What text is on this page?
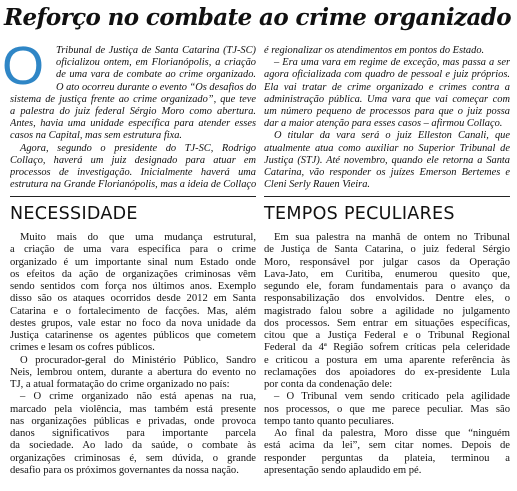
Reforço no combate ao crime organizado
O Tribunal de Justiça de Santa Catarina (TJ-SC)
oficializou ontem, em Florianópolis, a criação
de uma vara de combate ao crime organizado.
O ato ocorreu durante o evento “Os desafios do
sistema de justiça frente ao crime organizado”, que teve
a palestra do juiz federal Sérgio Moro como abertura.
Antes, havia uma unidade específica para atender esses
casos na Capital, mas sem estrutura fixa.
Agora, segundo o presidente do TJ-SC, Rodrigo
Collaço, haverá um juiz designado para atuar em
processos de investigação. Inicialmente haverá uma
estrutura na Grande Florianópolis, mas a ideia de Collaço
é regionalizar os atendimentos em pontos do Estado.
– Era uma vara em regime de exceção, mas passa a ser
agora oficializada com quadro de pessoal e juiz próprios.
Ela vai tratar de crime organizado e crimes contra a
administração pública. Uma vara que vai começar com
um número pequeno de processos para que o juiz possa
dar a maior atenção para esses casos – afirmou Collaço.
O titular da vara será o juiz Elleston Canali, que
atualmente atua como auxiliar no Superior Tribunal de
Justiça (STJ). Até novembro, quando ele retorna a Santa
Catarina, vão responder os juízes Emerson Bertemes e
Cleni Serly Rauen Vieira.
NECESSIDADE	TEMPOS PECULIARES
Muito mais do que uma mudança estrutural,
a criação de uma vara específica para o crime
organizado é um importante sinal num Estado onde
os efeitos da ação de organizações criminosas vêm
sendo sentidos com força nos últimos anos. Exemplo
disso são os ataques ocorridos desde 2012 em Santa
Catarina e o fortalecimento de facções. Mas, além
destes grupos, vale estar no foco da nova unidade da
Justiça catarinense os agentes públicos que cometem
crimes e lesam os cofres públicos.
O procurador-geral do Ministério Público, Sandro
Neis, lembrou ontem, durante a abertura do evento no
TJ, a atual formatação do crime organizado no país:
– O crime organizado não está apenas na rua,
marcado pela violência, mas também está presente
nas organizações públicas e privadas, onde provoca
danos significativos para importante parcela
da sociedade. Ao lado da saúde, o combate às
organizações criminosas é, sem dúvida, o grande
desafio para os próximos governantes da nossa nação.
Em sua palestra na manhã de ontem no Tribunal
de Justiça de Santa Catarina, o juiz federal Sérgio
Moro, responsável por julgar casos da Operação
Lava-Jato, em Curitiba, enumerou quesito que,
segundo ele, foram fundamentais para o avanço da
responsabilização dos envolvidos. Dentre eles, o
magistrado falou sobre a agilidade no julgamento
dos processos. Sem entrar em situações específicas,
citou que a Justiça Federal e o Tribunal Regional
Federal da 4ª Região sofrem críticas pela celeridade
e criticou a postura em uma aparente referência às
reclamações dos apoiadores do ex-presidente Lula
por conta da condenação dele:
– O Tribunal vem sendo criticado pela agilidade
nos processos, o que me parece peculiar. Mas são
tempo tanto quanto peculiares.
Ao final da palestra, Moro disse que “ninguém
está acima da lei”, sem citar nomes. Depois de
responder perguntas da plateia, terminou a
apresentação sendo aplaudido em pé.
